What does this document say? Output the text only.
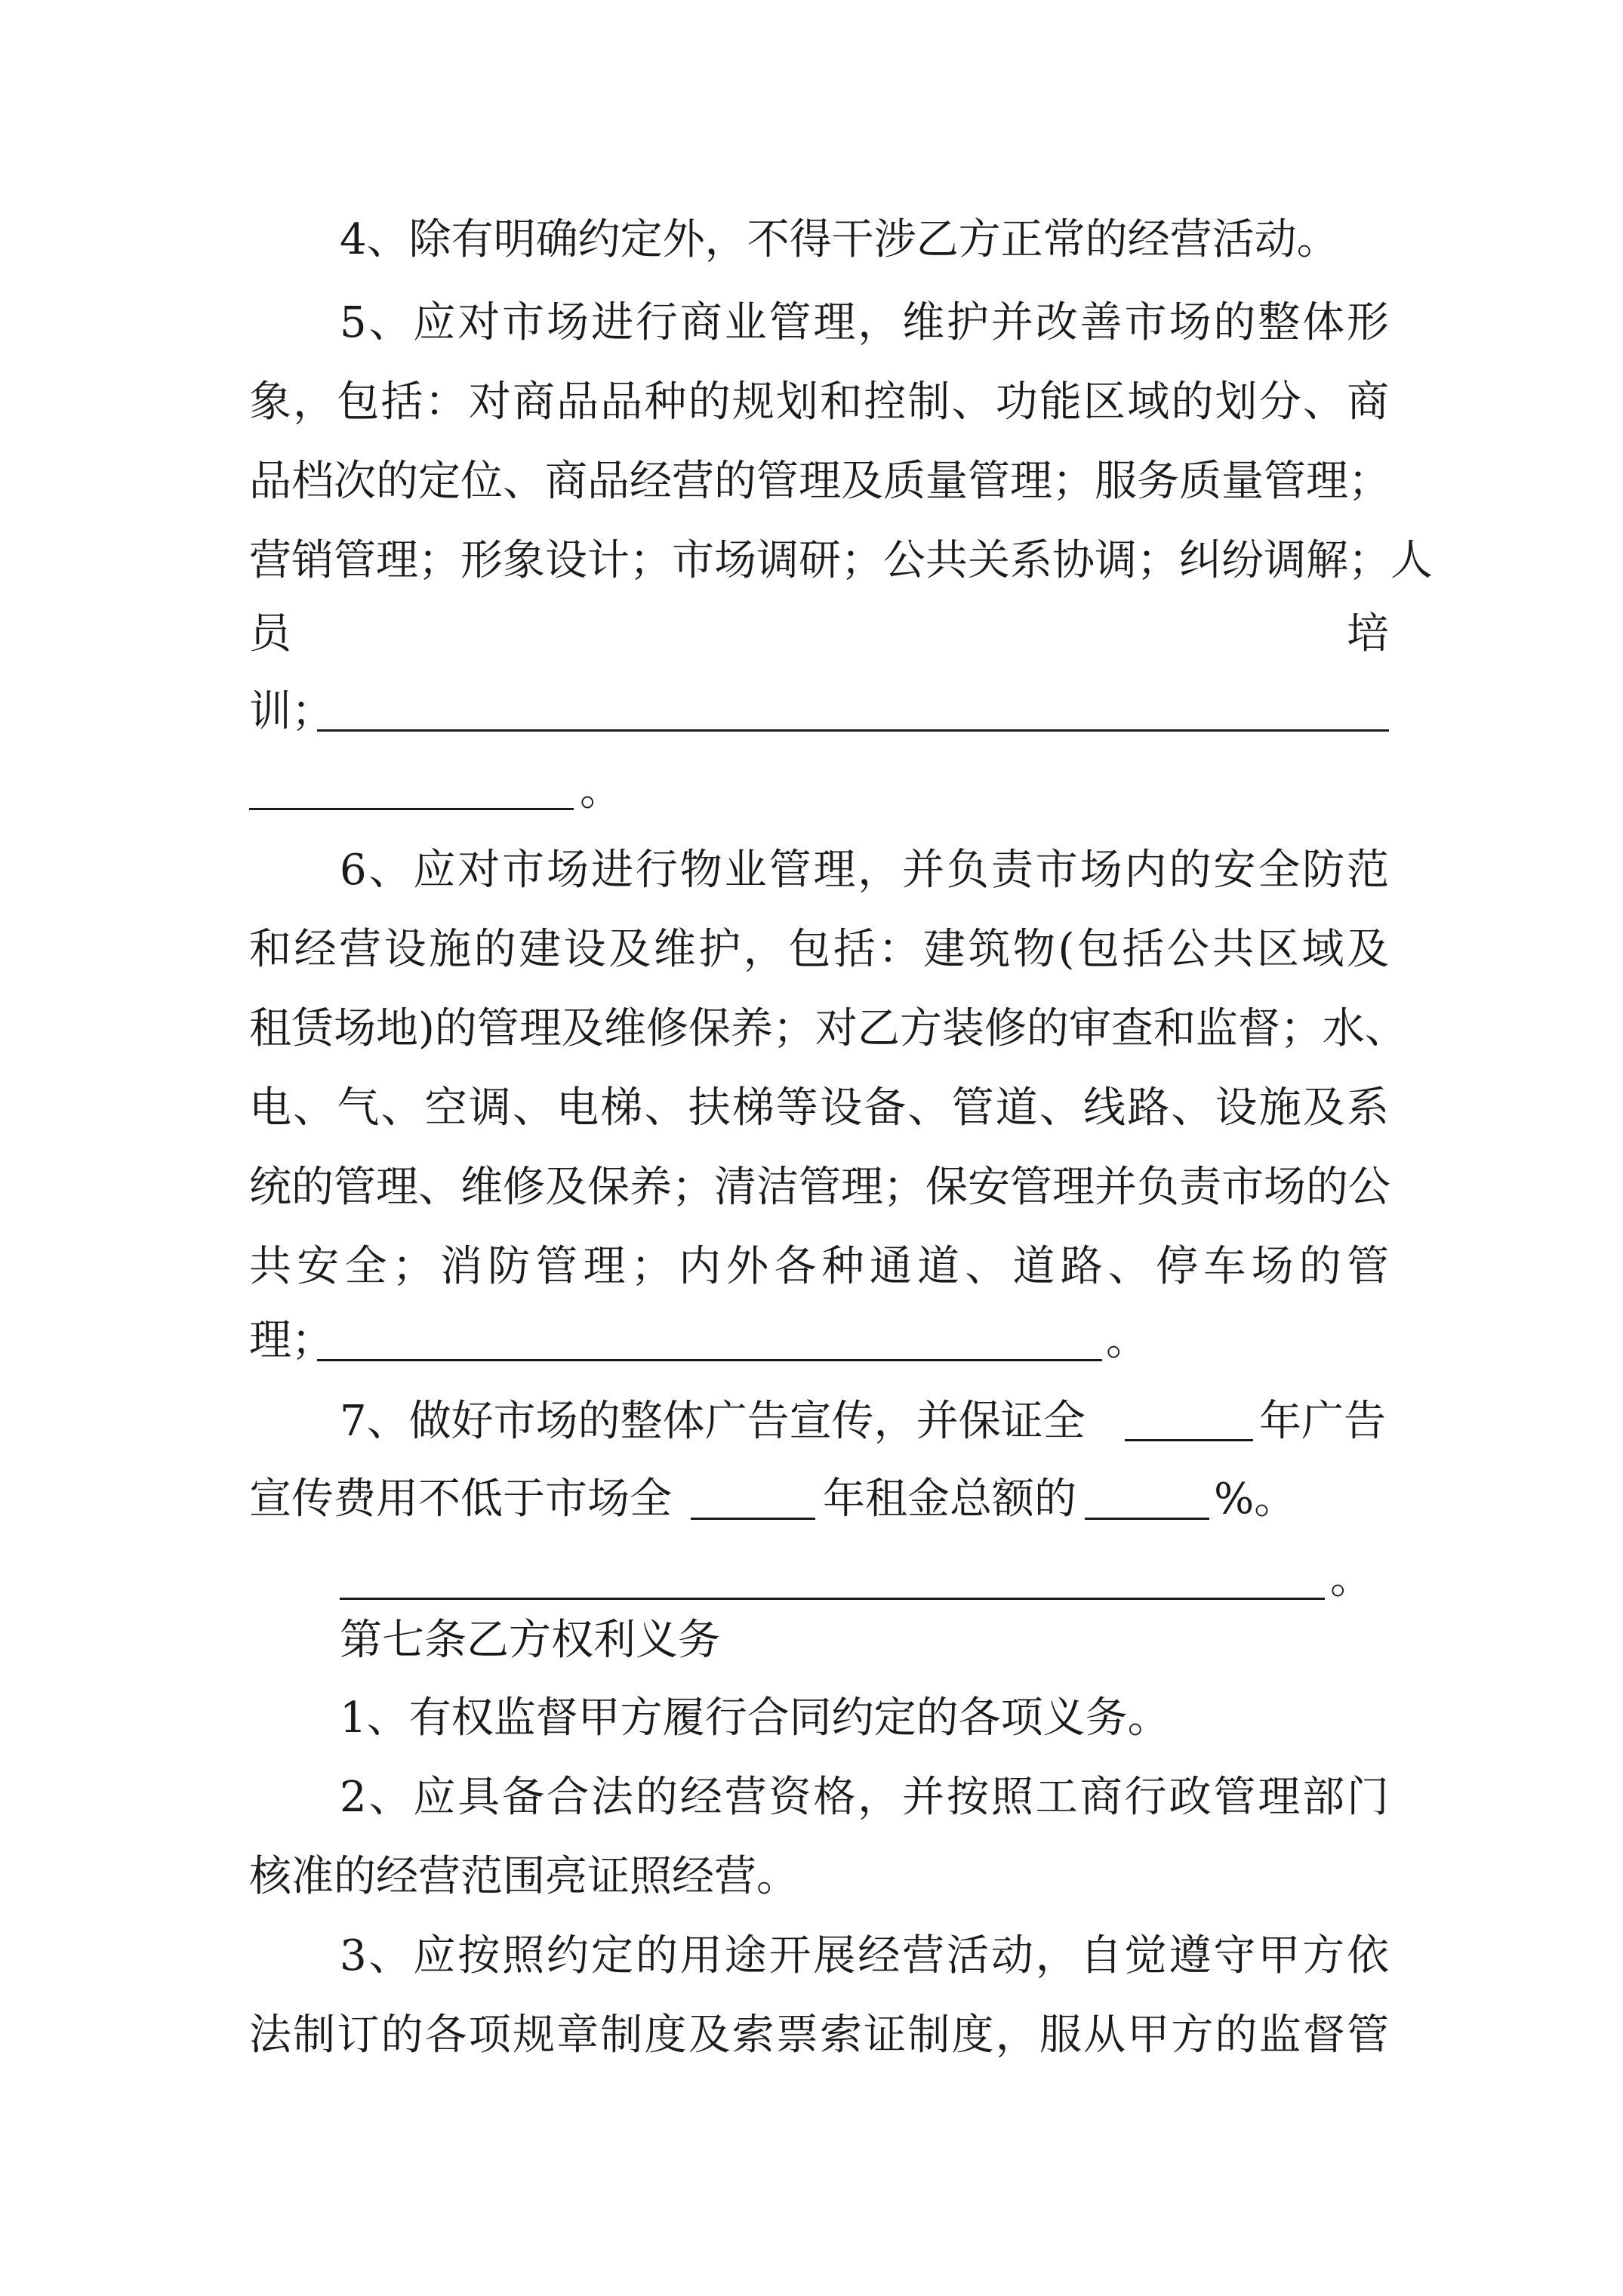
4、除有明确约定外，不得干涉乙方正常的经营活动。
5、应对市场进行商业管理，维护并改善市场的整体形
象，包括：对商品品种的规划和控制、功能区域的划分、商
品档次的定位、商品经营的管理及质量管理；服务质量管理；
营销管理；形象设计；市场调研；公共关系协调；纠纷调解；人
员	培
训；
。
6、应对市场进行物业管理，并负责市场内的安全防范
和经营设施的建设及维护，包括：建筑物(包括公共区域及
租赁场地)的管理及维修保养；对乙方装修的审查和监督；水、
电、气、空调、电梯、扶梯等设备、管道、线路、设施及系
统的管理、维修及保养；清洁管理；保安管理并负责市场的公
共安全；消防管理；内外各种通道、道路、停车场的管
理；	。
7、做好市场的整体广告宣传，并保证全	年广告
宣传费用不低于市场全	年租金总额的	%。
。
第七条乙方权利义务
1、有权监督甲方履行合同约定的各项义务。
2、应具备合法的经营资格，并按照工商行政管理部门
核准的经营范围亮证照经营。
3、应按照约定的用途开展经营活动，自觉遵守甲方依
法制订的各项规章制度及索票索证制度，服从甲方的监督管
